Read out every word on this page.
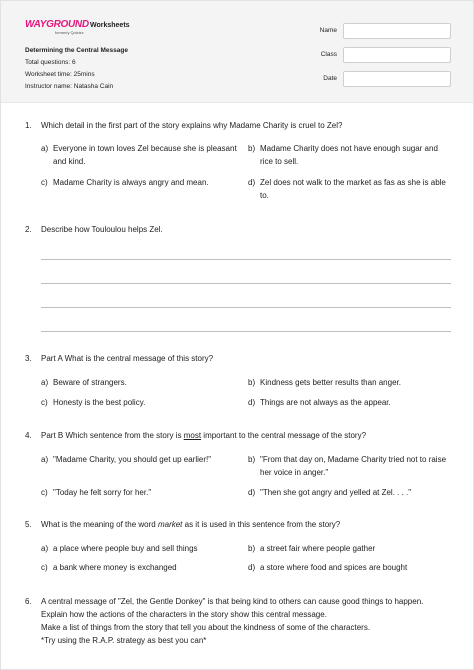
WAYGROUND
formerly Quizizz
Worksheets
Determining the Central Message
Total questions: 6
Worksheet time: 25mins
Instructor name: Natasha Cain
Name
Class
Date
1.	Which detail in the first part of the story explains why Madame Charity is cruel to Zel?
a) Everyone in town loves Zel because she is pleasant and kind.
b) Madame Charity does not have enough sugar and rice to sell.
c) Madame Charity is always angry and mean.	d) Zel does not walk to the market as fas as she is able to.
2.	Describe how Touloulou helps Zel.
3.	Part A What is the central message of this story?
a) Beware of strangers.	b) Kindness gets better results than anger.
c) Honesty is the best policy.	d) Things are not always as the appear.
4.	Part B Which sentence from the story is most important to the central message of the story?
a) "Madame Charity, you should get up earlier!"	b) "From that day on, Madame Charity tried not to raise her voice in anger."
c) "Today he felt sorry for her."	d) "Then she got angry and yelled at Zel. . . ."
5.	What is the meaning of the word market as it is used in this sentence from the story?
a) a place where people buy and sell things	b) a street fair where people gather
c) a bank where money is exchanged	d) a store where food and spices are bought
6.	A central message of "Zel, the Gentle Donkey" is that being kind to others can cause good things to happen.
Explain how the actions of the characters in the story show this central message.
Make a list of things from the story that tell you about the kindness of some of the characters.
*Try using the R.A.P. strategy as best you can*
